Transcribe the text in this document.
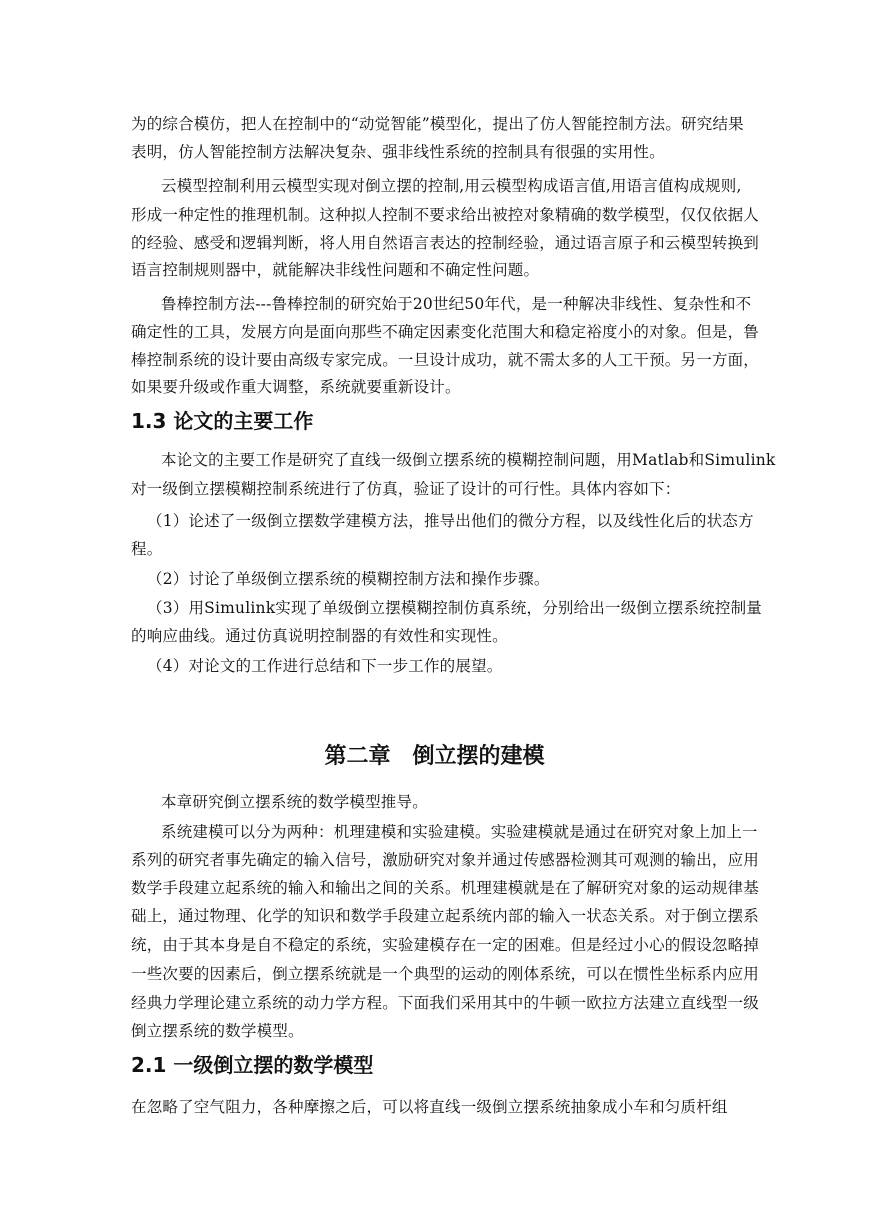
为的综合模仿，把人在控制中的“动觉智能”模型化，提出了仿人智能控制方法。研究结果
表明，仿人智能控制方法解决复杂、强非线性系统的控制具有很强的实用性。
云模型控制利用云模型实现对倒立摆的控制,用云模型构成语言值,用语言值构成规则,
形成一种定性的推理机制。这种拟人控制不要求给出被控对象精确的数学模型，仅仅依据人
的经验、感受和逻辑判断，将人用自然语言表达的控制经验，通过语言原子和云模型转换到
语言控制规则器中，就能解决非线性问题和不确定性问题。
鲁棒控制方法---鲁棒控制的研究始于20世纪50年代，是一种解决非线性、复杂性和不
确定性的工具，发展方向是面向那些不确定因素变化范围大和稳定裕度小的对象。但是，鲁
棒控制系统的设计要由高级专家完成。一旦设计成功，就不需太多的人工干预。另一方面，
如果要升级或作重大调整，系统就要重新设计。
1.3 论文的主要工作
本论文的主要工作是研究了直线一级倒立摆系统的模糊控制问题，用Matlab和Simulink
对一级倒立摆模糊控制系统进行了仿真，验证了设计的可行性。具体内容如下：
（1）论述了一级倒立摆数学建模方法，推导出他们的微分方程，以及线性化后的状态方
程。
（2）讨论了单级倒立摆系统的模糊控制方法和操作步骤。
（3）用Simulink实现了单级倒立摆模糊控制仿真系统，分别给出一级倒立摆系统控制量
的响应曲线。通过仿真说明控制器的有效性和实现性。
（4）对论文的工作进行总结和下一步工作的展望。
第二章 倒立摆的建模
本章研究倒立摆系统的数学模型推导。
系统建模可以分为两种：机理建模和实验建模。实验建模就是通过在研究对象上加上一
系列的研究者事先确定的输入信号，激励研究对象并通过传感器检测其可观测的输出，应用
数学手段建立起系统的输入和输出之间的关系。机理建模就是在了解研究对象的运动规律基
础上，通过物理、化学的知识和数学手段建立起系统内部的输入一状态关系。对于倒立摆系
统，由于其本身是自不稳定的系统，实验建模存在一定的困难。但是经过小心的假设忽略掉
一些次要的因素后，倒立摆系统就是一个典型的运动的刚体系统，可以在惯性坐标系内应用
经典力学理论建立系统的动力学方程。下面我们采用其中的牛顿一欧拉方法建立直线型一级
倒立摆系统的数学模型。
2.1 一级倒立摆的数学模型
在忽略了空气阻力，各种摩擦之后，可以将直线一级倒立摆系统抽象成小车和匀质杆组
